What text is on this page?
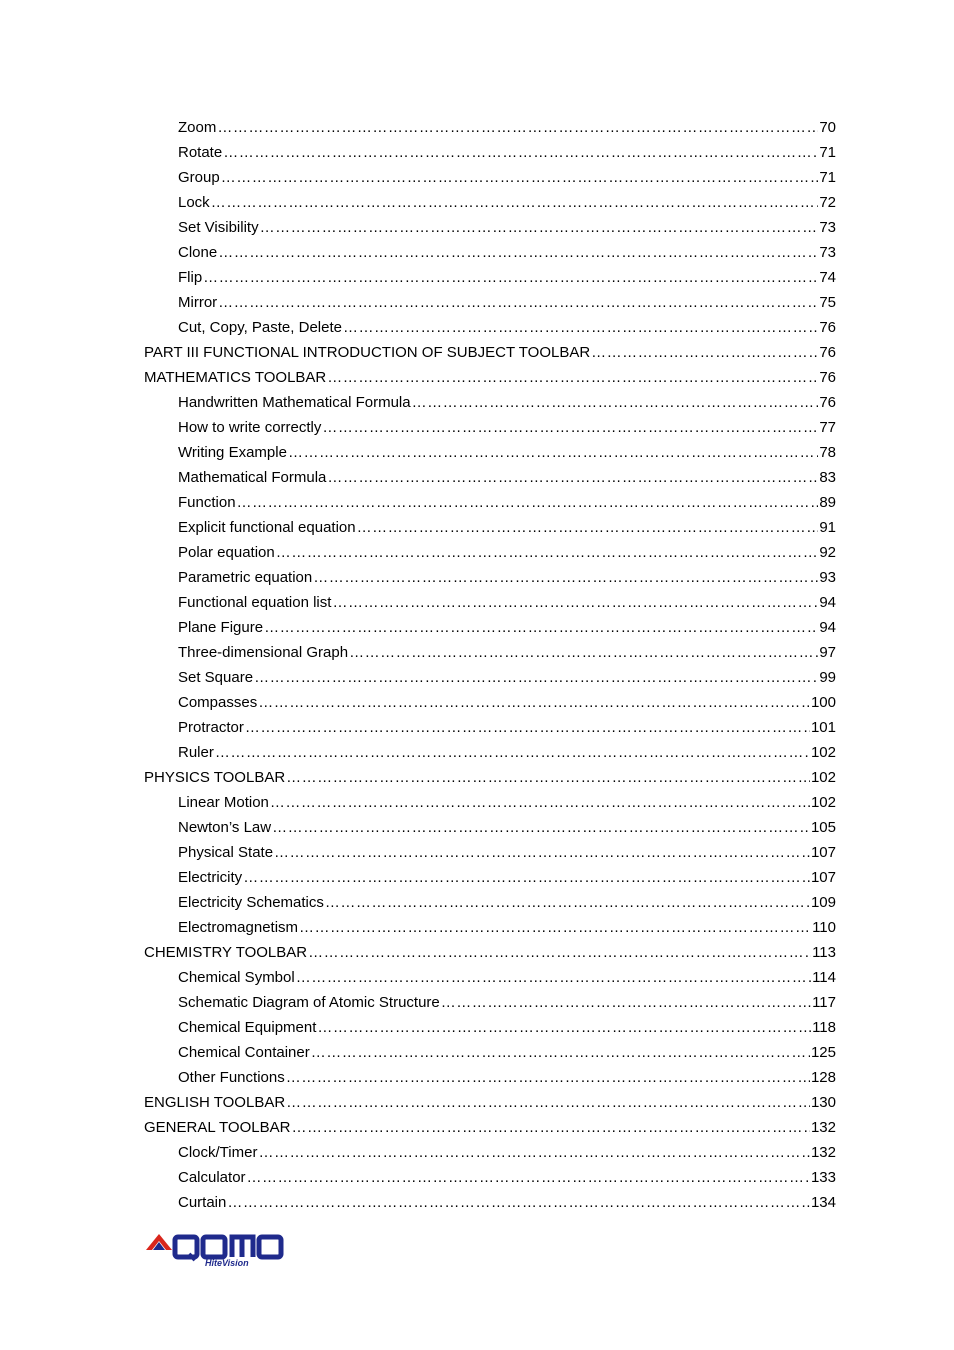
Zoom ……………………………………………………………………………………………………………………………………………………………………………………………………………………	70
Rotate ……………………………………………………………………………………………………………………………………………………………………………………………………………………	71
Group ……………………………………………………………………………………………………………………………………………………………………………………………………………………	71
Lock ……………………………………………………………………………………………………………………………………………………………………………………………………………………	72
Set Visibility ……………………………………………………………………………………………………………………………………………………………………………………………………………………	73
Clone ……………………………………………………………………………………………………………………………………………………………………………………………………………………	73
Flip ……………………………………………………………………………………………………………………………………………………………………………………………………………………	74
Mirror ……………………………………………………………………………………………………………………………………………………………………………………………………………………	75
Cut, Copy, Paste, Delete ……………………………………………………………………………………………………………………………………………………………………………………………………………………	76
PART III FUNCTIONAL INTRODUCTION OF SUBJECT TOOLBAR ……………………………………………………………………………………………………………………………………………………………………………………………………………………	76
MATHEMATICS TOOLBAR ……………………………………………………………………………………………………………………………………………………………………………………………………………………	76
Handwritten Mathematical Formula ……………………………………………………………………………………………………………………………………………………………………………………………………………………	76
How to write correctly ……………………………………………………………………………………………………………………………………………………………………………………………………………………	77
Writing Example ……………………………………………………………………………………………………………………………………………………………………………………………………………………	78
Mathematical Formula ……………………………………………………………………………………………………………………………………………………………………………………………………………………	83
Function ……………………………………………………………………………………………………………………………………………………………………………………………………………………	89
Explicit functional equation ……………………………………………………………………………………………………………………………………………………………………………………………………………………	91
Polar equation ……………………………………………………………………………………………………………………………………………………………………………………………………………………	92
Parametric equation ……………………………………………………………………………………………………………………………………………………………………………………………………………………	93
Functional equation list ……………………………………………………………………………………………………………………………………………………………………………………………………………………	94
Plane Figure ……………………………………………………………………………………………………………………………………………………………………………………………………………………	94
Three-dimensional Graph ……………………………………………………………………………………………………………………………………………………………………………………………………………………	97
Set Square ……………………………………………………………………………………………………………………………………………………………………………………………………………………	99
Compasses ……………………………………………………………………………………………………………………………………………………………………………………………………………………	100
Protractor ……………………………………………………………………………………………………………………………………………………………………………………………………………………	101
Ruler ……………………………………………………………………………………………………………………………………………………………………………………………………………………	102
PHYSICS TOOLBAR ……………………………………………………………………………………………………………………………………………………………………………………………………………………	102
Linear Motion ……………………………………………………………………………………………………………………………………………………………………………………………………………………	102
Newton’s Law ……………………………………………………………………………………………………………………………………………………………………………………………………………………	105
Physical State ……………………………………………………………………………………………………………………………………………………………………………………………………………………	107
Electricity ……………………………………………………………………………………………………………………………………………………………………………………………………………………	107
Electricity Schematics ……………………………………………………………………………………………………………………………………………………………………………………………………………………	109
Electromagnetism ……………………………………………………………………………………………………………………………………………………………………………………………………………………	110
CHEMISTRY TOOLBAR ……………………………………………………………………………………………………………………………………………………………………………………………………………………	113
Chemical Symbol ……………………………………………………………………………………………………………………………………………………………………………………………………………………	114
Schematic Diagram of Atomic Structure ……………………………………………………………………………………………………………………………………………………………………………………………………………………	117
Chemical Equipment ……………………………………………………………………………………………………………………………………………………………………………………………………………………	118
Chemical Container ……………………………………………………………………………………………………………………………………………………………………………………………………………………	125
Other Functions ……………………………………………………………………………………………………………………………………………………………………………………………………………………	128
ENGLISH TOOLBAR ……………………………………………………………………………………………………………………………………………………………………………………………………………………	130
GENERAL TOOLBAR ……………………………………………………………………………………………………………………………………………………………………………………………………………………	132
Clock/Timer ……………………………………………………………………………………………………………………………………………………………………………………………………………………	132
Calculator ……………………………………………………………………………………………………………………………………………………………………………………………………………………	133
Curtain ……………………………………………………………………………………………………………………………………………………………………………………………………………………	134
HiteVision
